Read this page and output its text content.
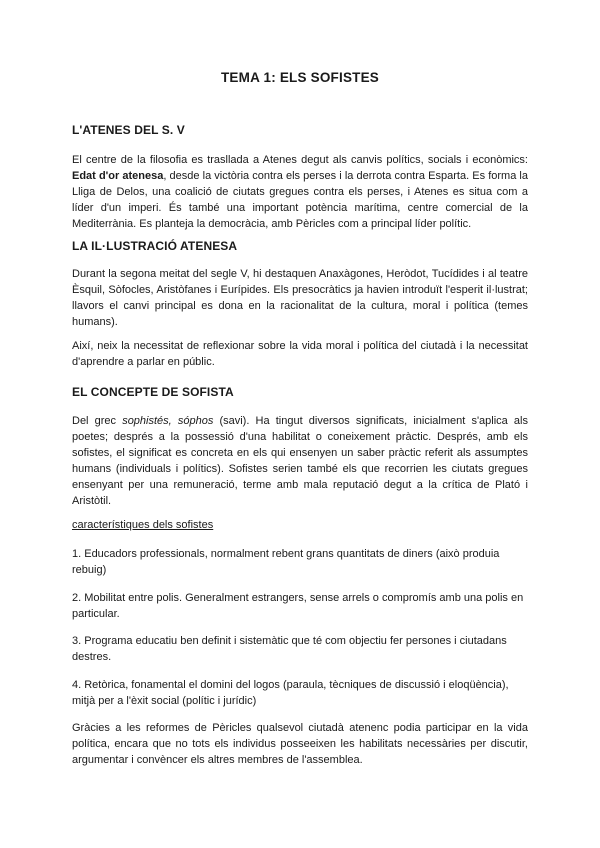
TEMA 1: ELS SOFISTES
L'ATENES DEL S. V

El centre de la filosofia es trasllada a Atenes degut als canvis polítics, socials i econòmics: Edat d'or atenesa, desde la victòria contra els perses i la derrota contra Esparta. Es forma la Lliga de Delos, una coalició de ciutats gregues contra els perses, i Atenes es situa com a líder d'un imperi. És també una important potència marítima, centre comercial de la Mediterrània. Es planteja la democràcia, amb Pèricles com a principal líder polític.

LA IL·LUSTRACIÓ ATENESA

Durant la segona meitat del segle V, hi destaquen Anaxàgones, Heròdot, Tucídides i al teatre Èsquil, Sòfocles, Aristòfanes i Eurípides. Els presocràtics ja havien introduït l'esperit il·lustrat; llavors el canvi principal es dona en la racionalitat de la cultura, moral i política (temes humans).

Així, neix la necessitat de reflexionar sobre la vida moral i política del ciutadà i la necessitat d'aprendre a parlar en públic.

EL CONCEPTE DE SOFISTA

Del grec sophistés, sóphos (savi). Ha tingut diversos significats, inicialment s'aplica als poetes; després a la possessió d'una habilitat o coneixement pràctic. Després, amb els sofistes, el significat es concreta en els qui ensenyen un saber pràctic referit als assumptes humans (individuals i polítics). Sofistes serien també els que recorrien les ciutats gregues ensenyant per una remuneració, terme amb mala reputació degut a la crítica de Plató i Aristòtil.

característiques dels sofistes

1. Educadors professionals, normalment rebent grans quantitats de diners (això produia rebuig)

2. Mobilitat entre polis. Generalment estrangers, sense arrels o compromís amb una polis en particular.

3. Programa educatiu ben definit i sistemàtic que té com objectiu fer persones i ciutadans destres.

4. Retòrica, fonamental el domini del logos (paraula, tècniques de discussió i eloqüència), mitjà per a l'èxit social (polític i jurídic)

Gràcies a les reformes de Pèricles qualsevol ciutadà atenenc podia participar en la vida política, encara que no tots els individus posseeixen les habilitats necessàries per discutir, argumentar i convèncer els altres membres de l'assemblea.
